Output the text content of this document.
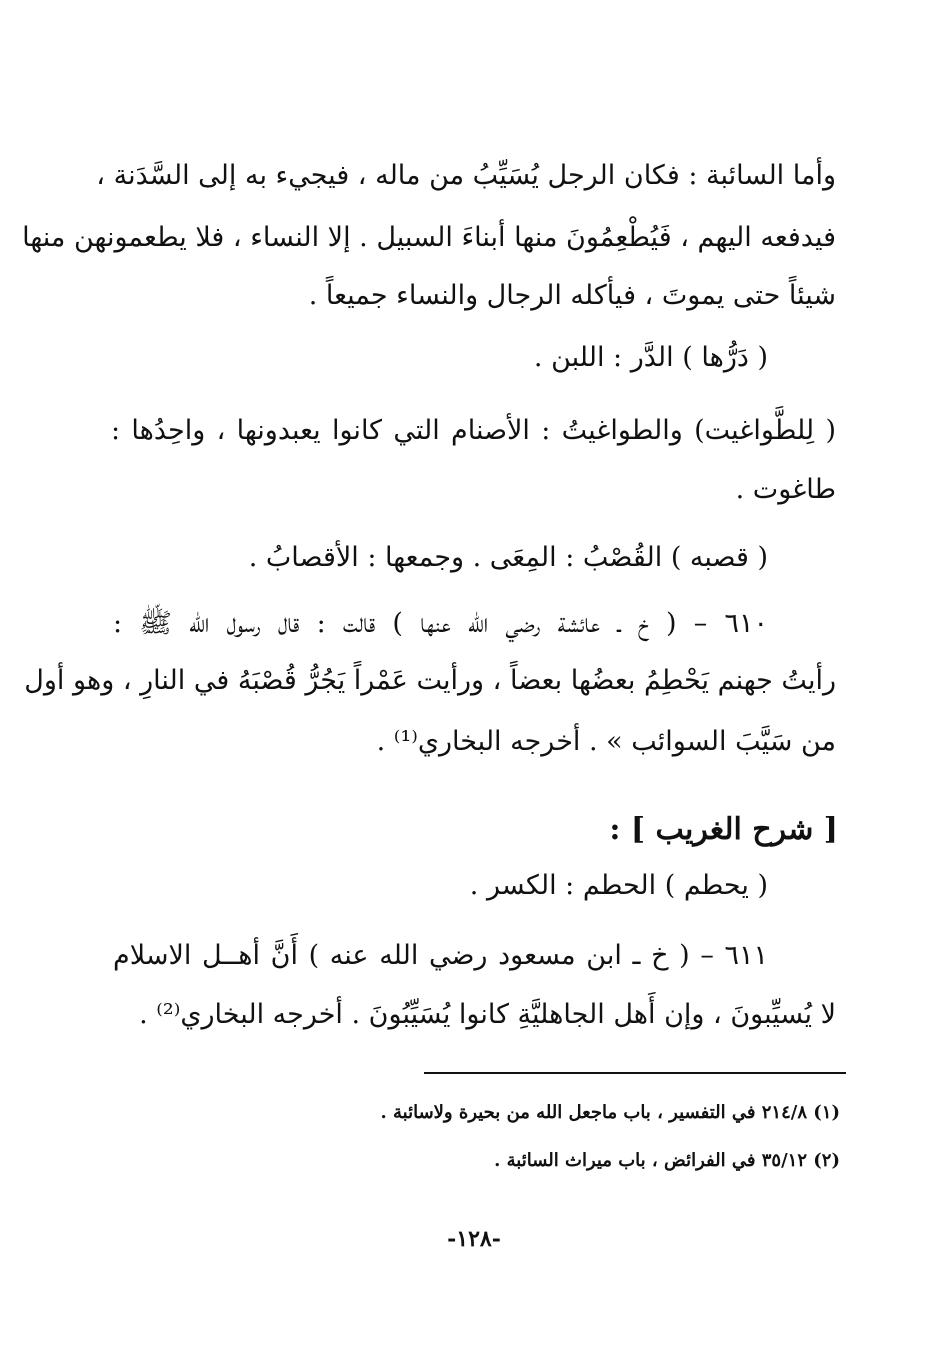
وأما السائبة : فكان الرجل يُسَيِّبُ من ماله ، فيجيء به إلى السَّدَنة ،
فيدفعه اليهم ، فَيُطْعِمُونَ منها أبناءَ السبيل . إلا النساء ، فلا يطعمونهن منها
شيئاً حتى يموتَ ، فيأكله الرجال والنساء جميعاً .
( دَرُّها ) الدَّر : اللبن .
( لِلطَّواغيت) والطواغيتُ : الأصنام التي كانوا يعبدونها ، واحِدُها :
طاغوت .
( قصبه ) القُصْبُ : المِعَى . وجمعها : الأقصابُ .
٦١٠ – ( خ ـ عائشة رضي الله عنها ) قالت : قال رسول الله ﷺ :
رأيتُ جهنم يَحْطِمُ بعضُها بعضاً ، ورأيت عَمْراً يَجُرُّ قُصْبَهُ في النارِ ، وهو أول
من سَيَّبَ السوائب » . أخرجه البخاري⁽¹⁾ .
[ شرح الغريب ] :
( يحطم ) الحطم : الكسر .
٦١١ – ( خ ـ ابن مسعود رضي الله عنه ) أَنَّ أهــل الاسلام
لا يُسيِّبونَ ، وإن أَهل الجاهليَّةِ كانوا يُسَيِّبُونَ . أخرجه البخاري⁽²⁾ .
(١) ٢١٤/٨ في التفسير ، باب ماجعل الله من بحيرة ولاسائبة .
(٢) ٣٥/١٢ في الفرائض ، باب ميراث السائبة .
-١٢٨-
